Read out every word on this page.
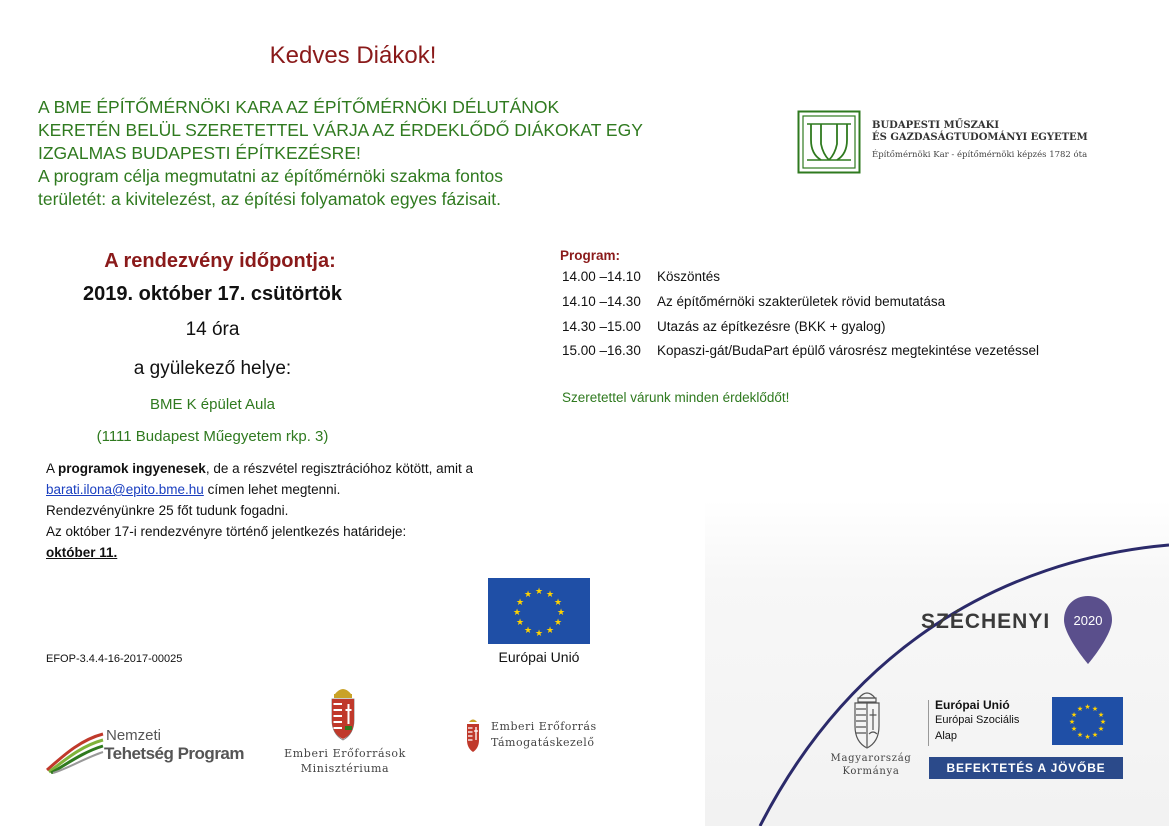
Kedves Diákok!
A BME ÉPÍTŐMÉRNÖKI KARA AZ ÉPÍTŐMÉRNÖKI DÉLUTÁNOK
KERETÉN BELÜL SZERETETTEL VÁRJA AZ ÉRDEKLŐDŐ DIÁKOKAT EGY
IZGALMAS BUDAPESTI ÉPÍTKEZÉSRE!
A program célja megmutatni az építőmérnöki szakma fontos
területét: a kivitelezést, az építési folyamatok egyes fázisait.
A rendezvény időpontja:
2019. október 17. csütörtök
14 óra
a gyülekező helye:
BME K épület Aula
(1111 Budapest Műegyetem rkp. 3)
A programok ingyenesek, de a részvétel regisztrációhoz kötött, amit a
barati.ilona@epito.bme.hu címen lehet megtenni.
Rendezvényünkre 25 főt tudunk fogadni.
Az október 17-i rendezvényre történő jelentkezés határideje:
október 11.
Program:
14.00 –14.10 Köszöntés
14.10 –14.30 Az építőmérnöki szakterületek rövid bemutatása
14.30 –15.00 Utazás az építkezésre (BKK + gyalog)
15.00 –16.30 Kopaszi-gát/BudaPart épülő városrész megtekintése vezetéssel
Szeretettel várunk minden érdeklődőt!
BUDAPESTI MŰSZAKI
ÉS GAZDASÁGTUDOMÁNYI EGYETEM
Építőmérnöki Kar - építőmérnöki képzés 1782 óta
EFOP-3.4.4-16-2017-00025
★ ★
★
★
★
★
★
★
★
★
★
★
Európai Unió
Nemzeti
Tehetség Program	Emberi Erőforrások
Minisztériuma
Emberi Erőforrás
Támogatáskezelő
SZÉCHENYI 2020
Magyarország
Kormánya
Európai Unió
Európai Szociális
Alap
★ ★
★
★
★
★
★
★
★
★
★
★
BEFEKTETÉS A JÖVŐBE
